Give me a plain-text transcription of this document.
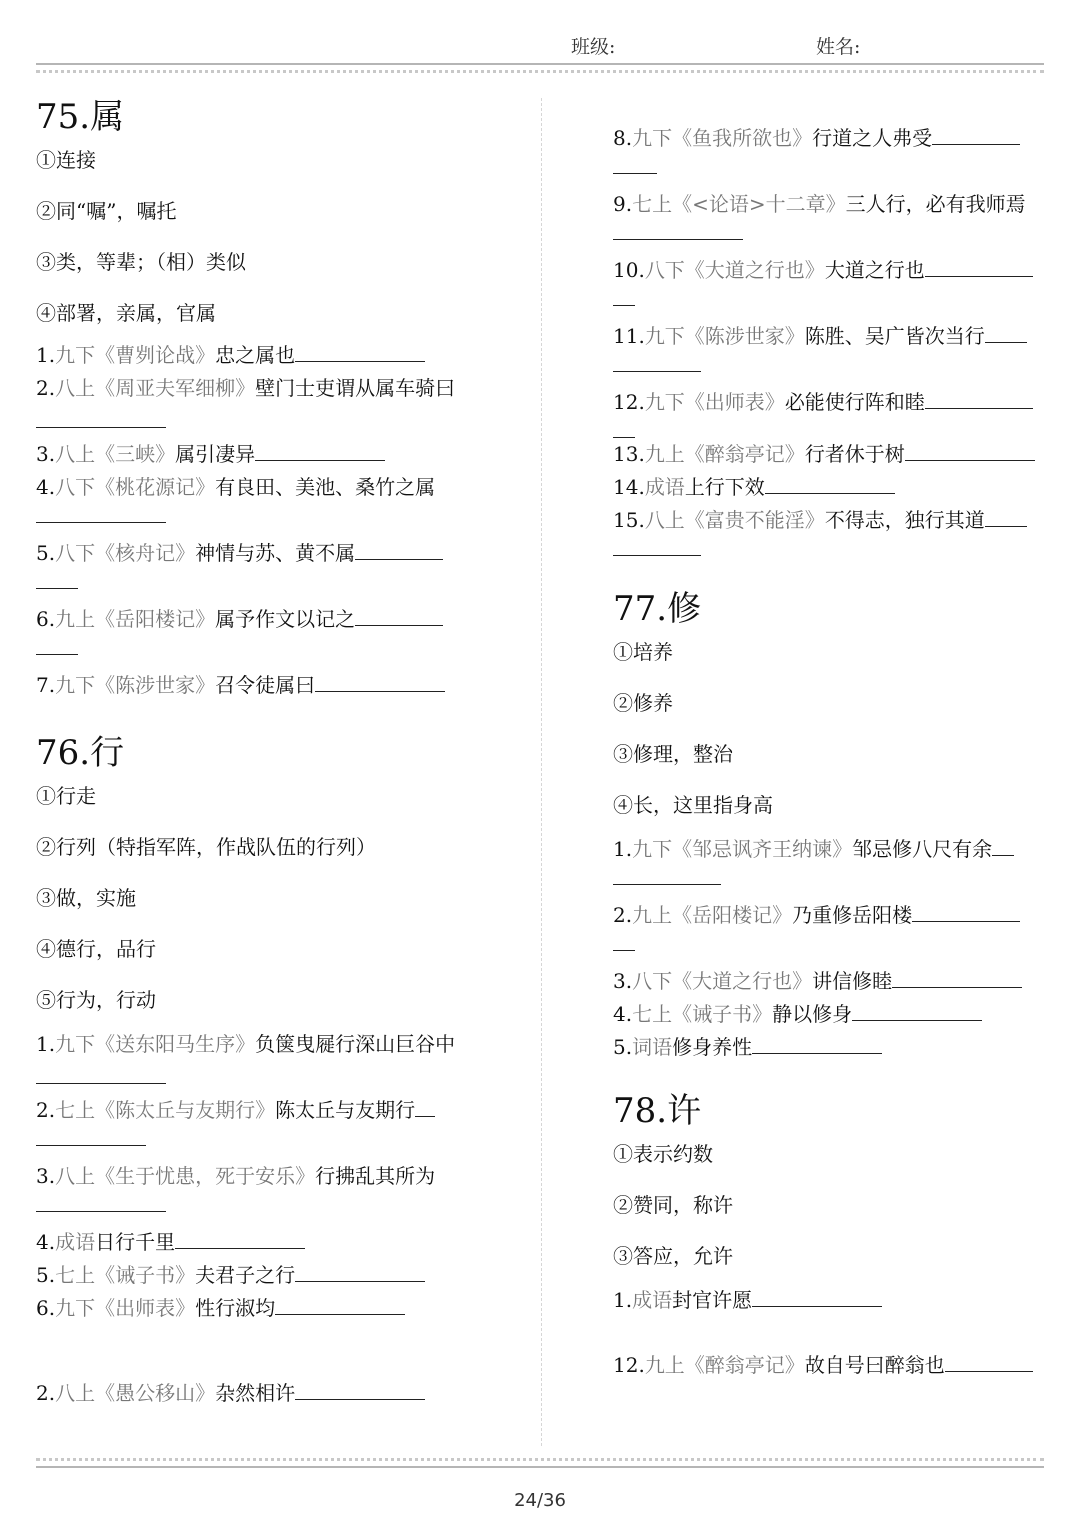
班级:	姓名:
75.属

①连接

②同“嘱”，嘱托

③类，等辈；（相）类似

④部署，亲属，官属

1.九下《曹刿论战》忠之属也

2.八上《周亚夫军细柳》壁门士吏谓从属车骑曰

3.八上《三峡》属引凄异

4.八下《桃花源记》有良田、美池、桑竹之属

5.八下《核舟记》神情与苏、黄不属

6.九上《岳阳楼记》属予作文以记之

7.九下《陈涉世家》召令徒属曰

76.行

①行走

②行列（特指军阵，作战队伍的行列）

③做，实施

④德行，品行

⑤行为，行动

1.九下《送东阳马生序》负箧曳屣行深山巨谷中

2.七上《陈太丘与友期行》陈太丘与友期行

3.八上《生于忧患，死于安乐》行拂乱其所为

4.成语日行千里

5.七上《诫子书》夫君子之行

6.九下《出师表》性行淑均

2.八上《愚公移山》杂然相许

8.九下《鱼我所欲也》行道之人弗受

9.七上《<论语>十二章》三人行，必有我师焉

10.八下《大道之行也》大道之行也

11.九下《陈涉世家》陈胜、吴广皆次当行

12.九下《出师表》必能使行阵和睦

13.九上《醉翁亭记》行者休于树

14.成语上行下效

15.八上《富贵不能淫》不得志，独行其道

77.修

①培养

②修养

③修理，整治

④长，这里指身高

1.九下《邹忌讽齐王纳谏》邹忌修八尺有余

2.九上《岳阳楼记》乃重修岳阳楼

3.八下《大道之行也》讲信修睦

4.七上《诫子书》静以修身

5.词语修身养性

78.许

①表示约数

②赞同，称许

③答应，允许

1.成语封官许愿

12.九上《醉翁亭记》故自号曰醉翁也

24/36
